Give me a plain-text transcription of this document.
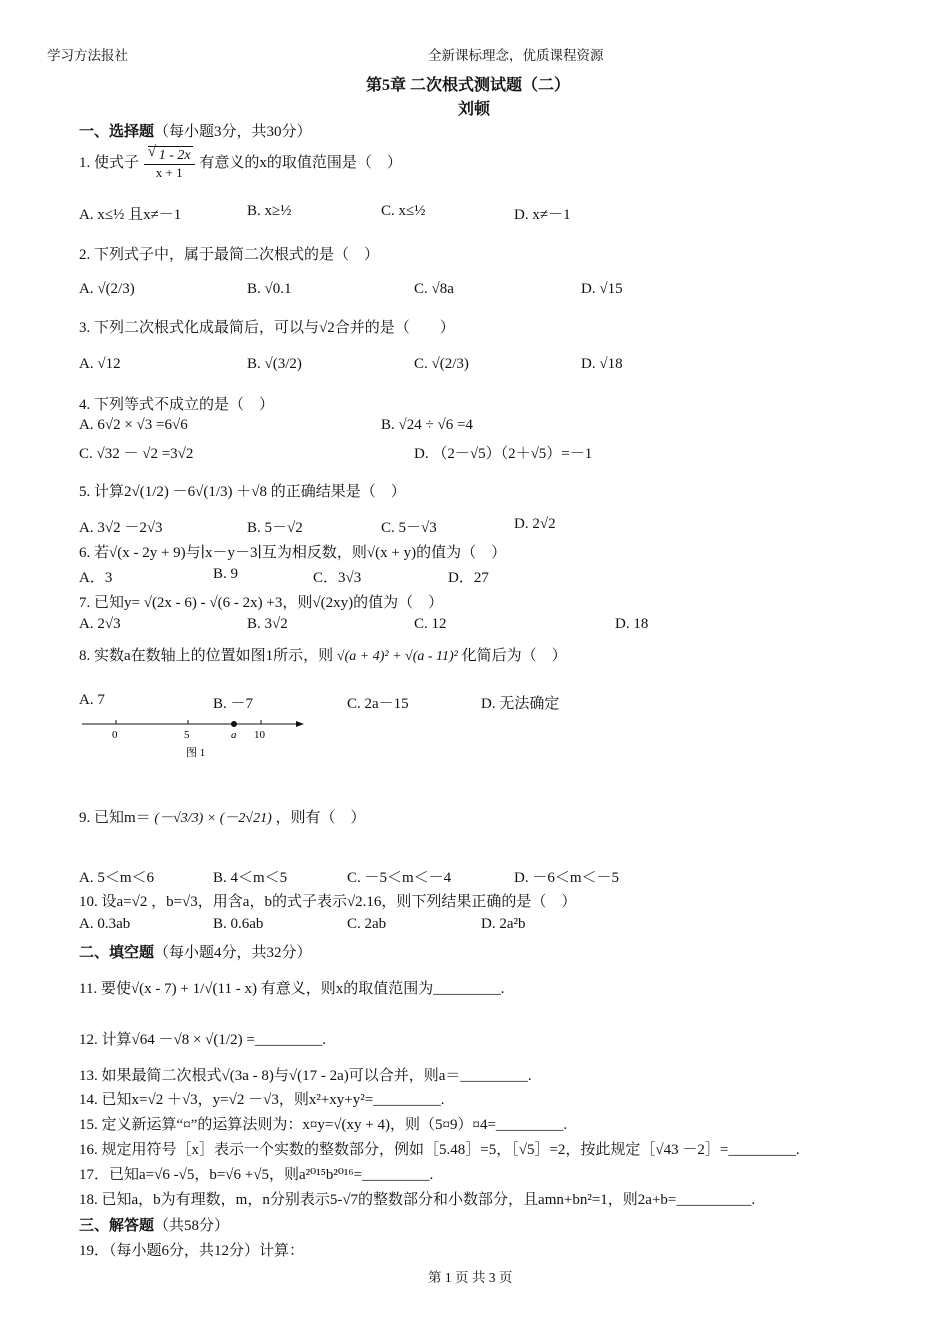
学习方法报社	全新课标理念，优质课程资源
第5章 二次根式测试题（二）
刘顿
一、选择题（每小题3分，共30分）
1. 使式子
√ $\frac{1 - 2x}{x + 1}$ 有意义的x的取值范围是（　）
A. x≤½ 且x≠－1	B. x≥½	C. x≤½	D. x≠－1
2. 下列式子中，属于最简二次根式的是（　）
A. √(2/3)	B. √0.1	C. √8a	D. √15
3. 下列二次根式化成最简后，可以与√2合并的是（　　）
A. √12	B. √(3/2)	C. √(2/3)	D. √18
4. 下列等式不成立的是（　）
A. 6√2 × √3 =6√6	B. √24 ÷ √6 =4
C. √32 － √2 =3√2	D. （2－√5）（2＋√5）=－1
5. 计算2√(1/2) －6√(1/3) ＋√8 的正确结果是（　）
A. 3√2 －2√3	B. 5－√2	C. 5－√3	D. 2√2
6. 若√(x - 2y + 9)与∣x－y－3∣互为相反数，则√(x + y)的值为（　）
A．3	B. 9	C．3√3	D．27
7. 已知y= √(2x - 6) - √(6 - 2x) +3，则√(2xy)的值为（　）
A. 2√3	B. 3√2	C. 12	D. 18
8. 实数a在数轴上的位置如图1所示，则 √(a + 4)² + √(a - 11)² 化简后为（　）
A. 7	B. －7	C. 2a－15	D. 无法确定
0	5	a 10
图 1
9. 已知m＝ (－√3/3) × (－2√21) ，则有（　）
A. 5＜m＜6	B. 4＜m＜5	C. －5＜m＜－4	D. －6＜m＜－5
10. 设a=√2 ，b=√3，用含a，b的式子表示√2.16，则下列结果正确的是（　）
A. 0.3ab	B. 0.6ab	C. 2ab	D. 2a²b
二、填空题（每小题4分，共32分）
11. 要使√(x - 7) + 1/√(11 - x) 有意义，则x的取值范围为_________.
12. 计算√64 －√8 × √(1/2) =_________.
13. 如果最简二次根式√(3a - 8)与√(17 - 2a)可以合并，则a＝_________.
14. 已知x=√2 ＋√3，y=√2 －√3，则x²+xy+y²=_________.
15. 定义新运算“¤”的运算法则为：x¤y=√(xy + 4)，则（5¤9）¤4=_________.
16. 规定用符号［x］表示一个实数的整数部分，例如［5.48］=5，［√5］=2，按此规定［√43 －2］=_________.
17．已知a=√6 -√5，b=√6 +√5，则a²⁰¹⁵b²⁰¹⁶=_________.
18. 已知a，b为有理数，m，n分别表示5-√7的整数部分和小数部分，且amn+bn²=1，则2a+b=__________.
三、解答题（共58分）
19．（每小题6分，共12分）计算：
第 1 页 共 3 页
